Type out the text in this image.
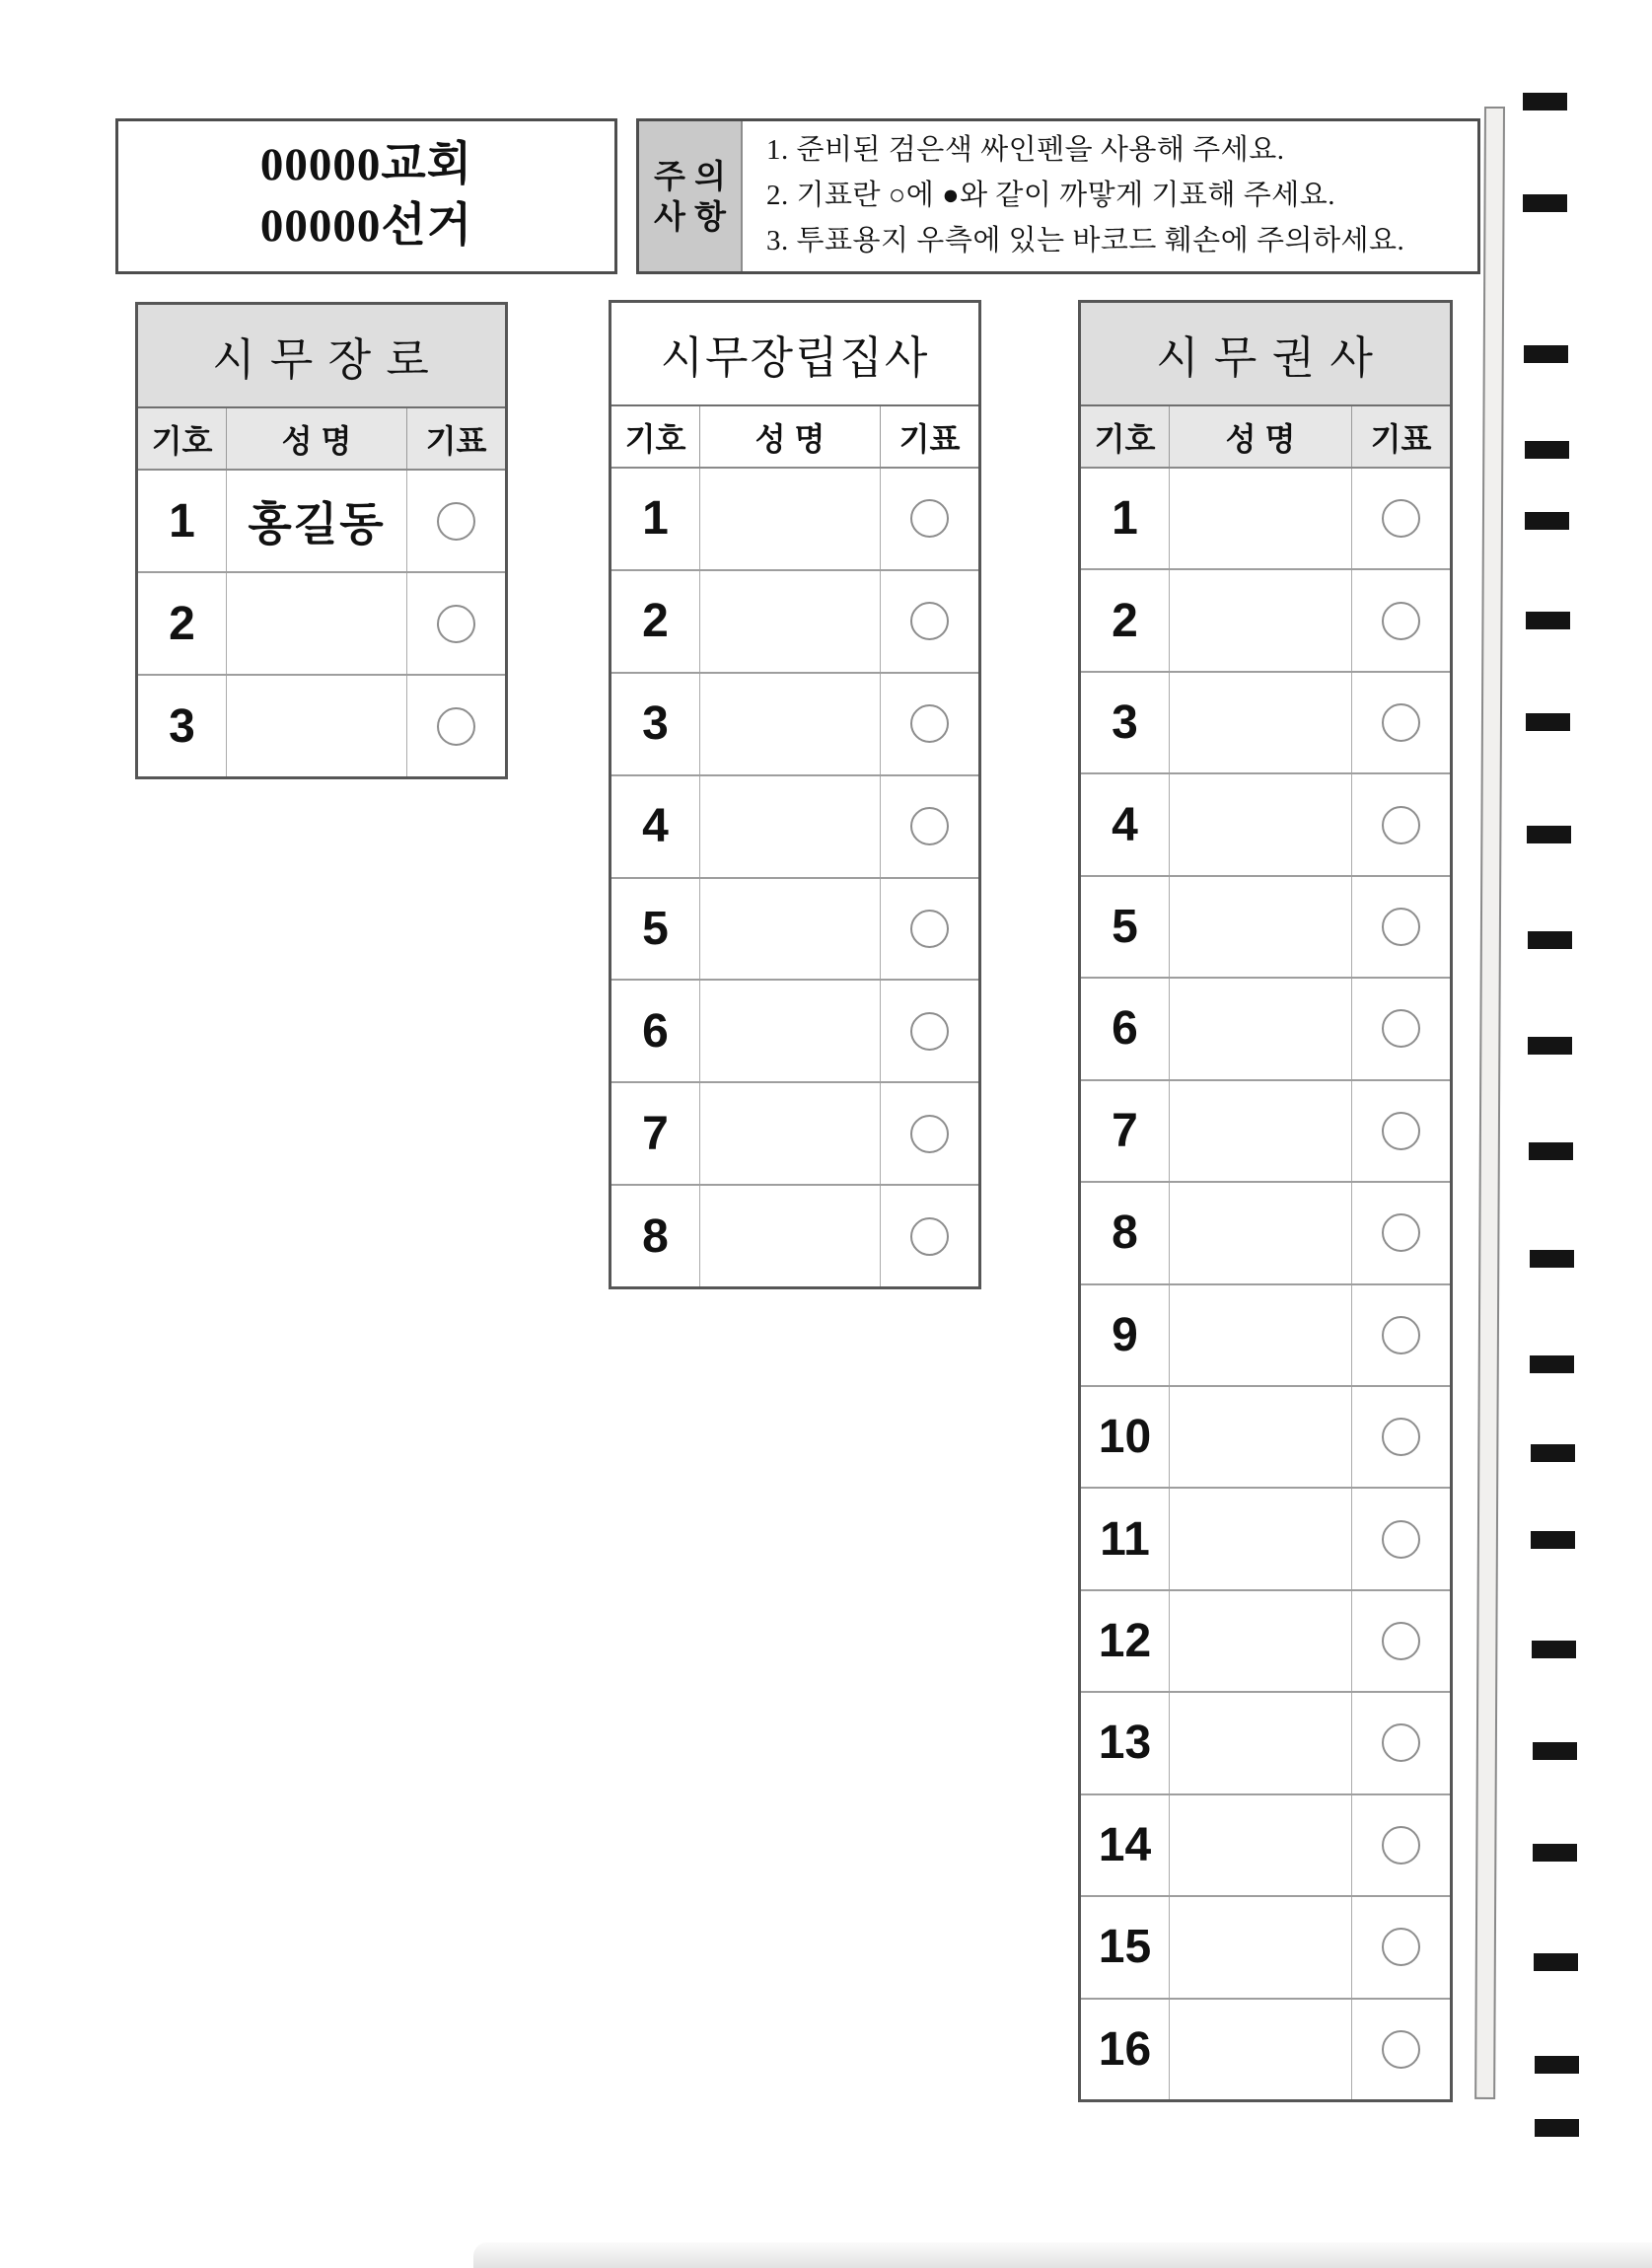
00000교회
00000선거
주 의
사 항
1. 준비된 검은색 싸인펜을 사용해 주세요.
2. 기표란 ○에 ●와 같이 까맣게 기표해 주세요.
3. 투표용지 우측에 있는 바코드 훼손에 주의하세요.
시 무 장 로
기호	성 명	기표
1	홍길동
2
3
시무장립집사
기호	성 명	기표
1
2
3
4
5
6
7
8
시 무 권 사
기호	성 명	기표
1
2
3
4
5
6
7
8
9
10
11
12
13
14
15
16
